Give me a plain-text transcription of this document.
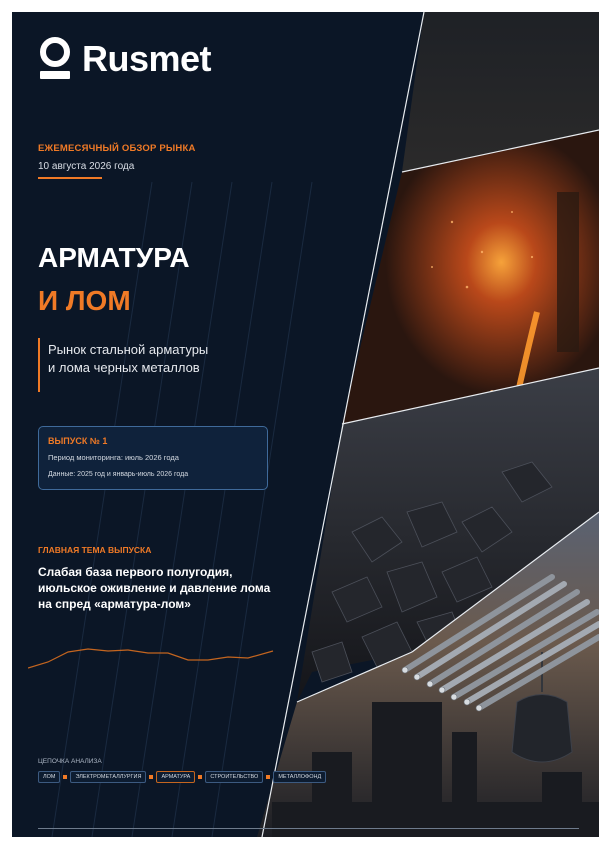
Rusmet
ЕЖЕМЕСЯЧНЫЙ ОБЗОР РЫНКА
10 августа 2026 года
АРМАТУРА
И ЛОМ
Рынок стальной арматуры
и лома черных металлов
ВЫПУСК № 1
Период мониторинга: июль 2026 года
Данные: 2025 год и январь-июль 2026 года
ГЛАВНАЯ ТЕМА ВЫПУСКА
Слабая база первого полугодия,
июльское оживление и давление лома
на спред «арматура-лом»
ЦЕПОЧКА АНАЛИЗА
ЛОМ	ЭЛЕКТРОМЕТАЛЛУРГИЯ	АРМАТУРА	СТРОИТЕЛЬСТВО	МЕТАЛЛОФОНД
